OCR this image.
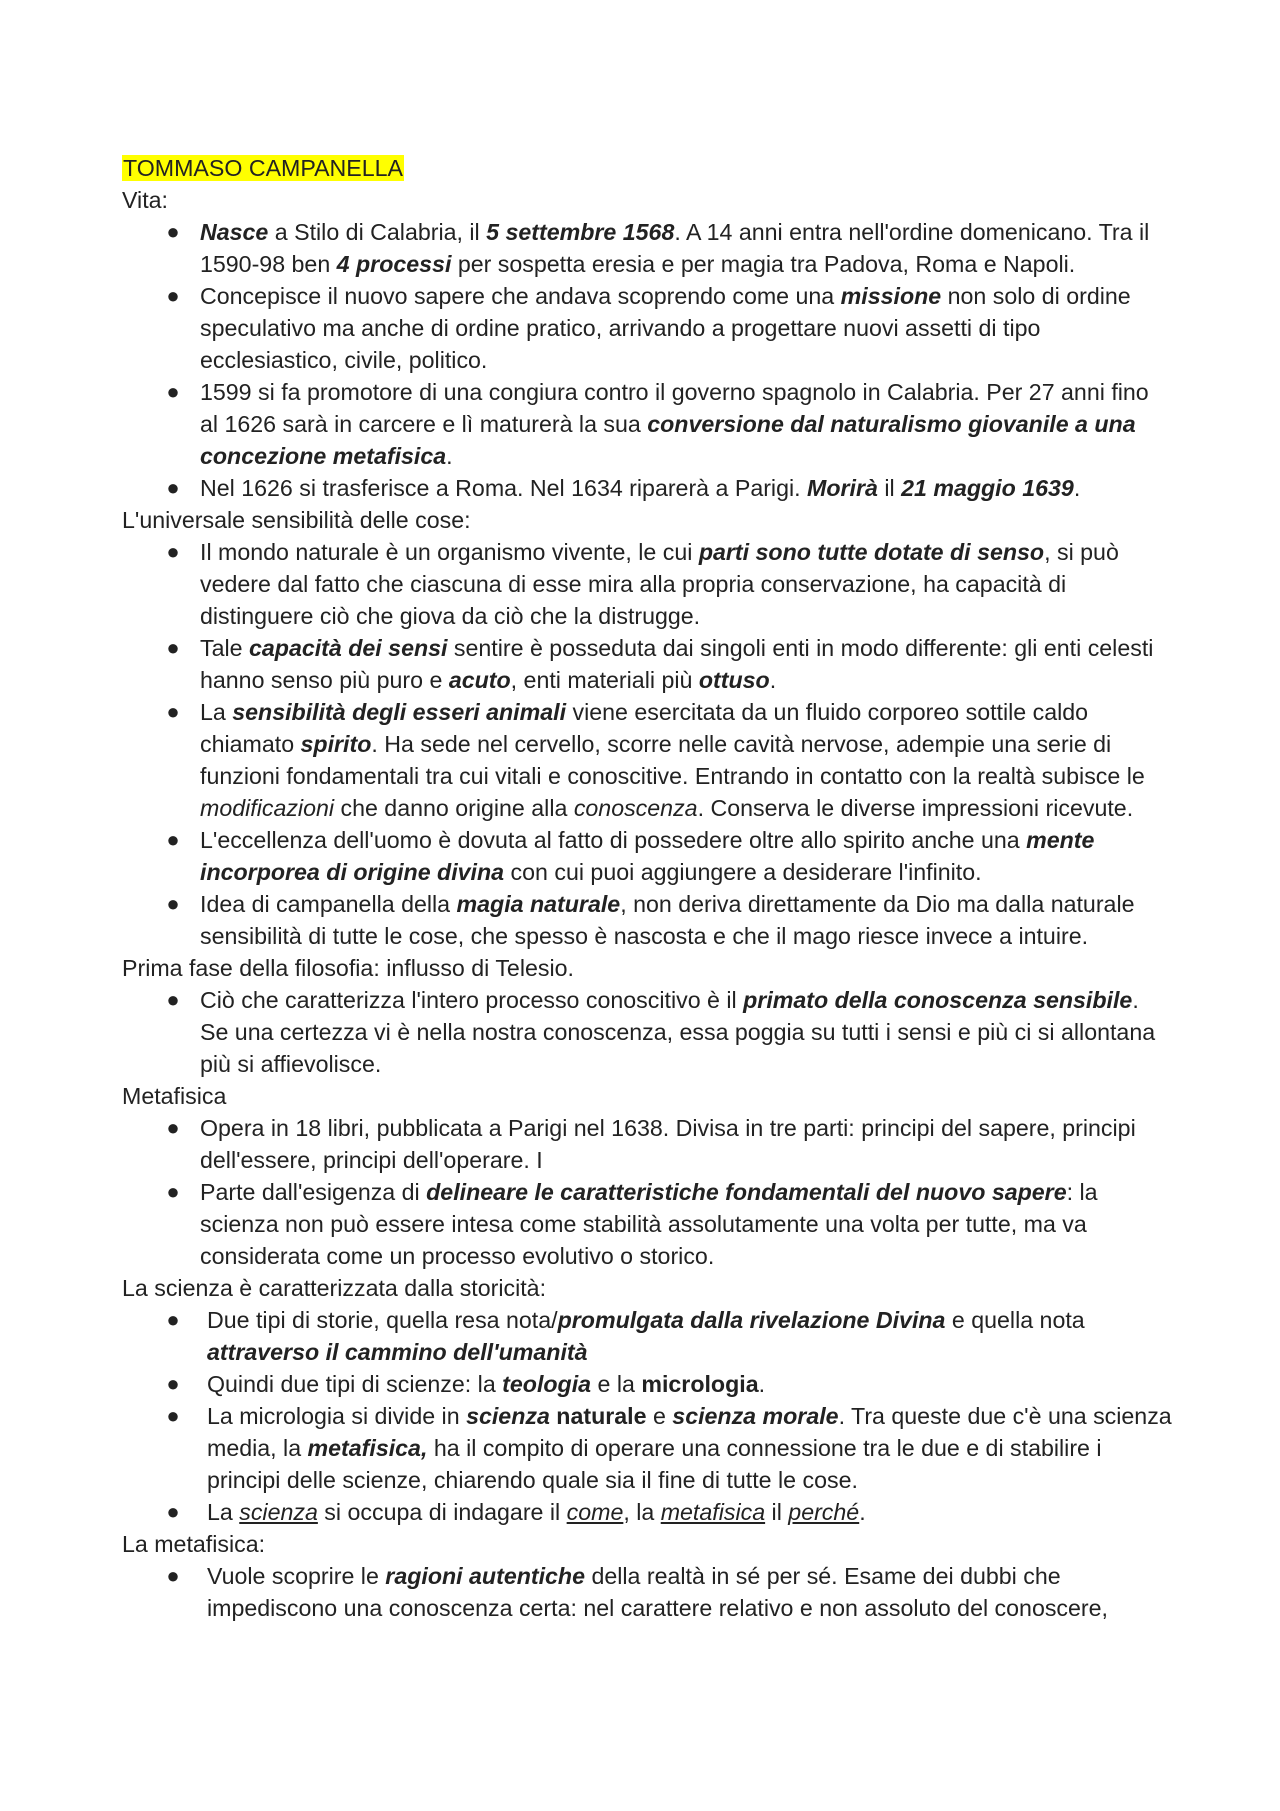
TOMMASO CAMPANELLA
Vita:
● Nasce a Stilo di Calabria, il 5 settembre 1568. A 14 anni entra nell'ordine domenicano. Tra il 1590-98 ben 4 processi per sospetta eresia e per magia tra Padova, Roma e Napoli.
● Concepisce il nuovo sapere che andava scoprendo come una missione non solo di ordine speculativo ma anche di ordine pratico, arrivando a progettare nuovi assetti di tipo ecclesiastico, civile, politico.
● 1599 si fa promotore di una congiura contro il governo spagnolo in Calabria. Per 27 anni fino al 1626 sarà in carcere e lì maturerà la sua conversione dal naturalismo giovanile a una concezione metafisica.
● Nel 1626 si trasferisce a Roma. Nel 1634 riparerà a Parigi. Morirà il 21 maggio 1639.
L'universale sensibilità delle cose:
● Il mondo naturale è un organismo vivente, le cui parti sono tutte dotate di senso, si può vedere dal fatto che ciascuna di esse mira alla propria conservazione, ha capacità di distinguere ciò che giova da ciò che la distrugge.
● Tale capacità dei sensi sentire è posseduta dai singoli enti in modo differente: gli enti celesti hanno senso più puro e acuto, enti materiali più ottuso.
● La sensibilità degli esseri animali viene esercitata da un fluido corporeo sottile caldo chiamato spirito. Ha sede nel cervello, scorre nelle cavità nervose, adempie una serie di funzioni fondamentali tra cui vitali e conoscitive. Entrando in contatto con la realtà subisce le modificazioni che danno origine alla conoscenza. Conserva le diverse impressioni ricevute.
● L'eccellenza dell'uomo è dovuta al fatto di possedere oltre allo spirito anche una mente incorporea di origine divina con cui puoi aggiungere a desiderare l'infinito.
● Idea di campanella della magia naturale, non deriva direttamente da Dio ma dalla naturale sensibilità di tutte le cose, che spesso è nascosta e che il mago riesce invece a intuire.
Prima fase della filosofia: influsso di Telesio.
● Ciò che caratterizza l'intero processo conoscitivo è il primato della conoscenza sensibile. Se una certezza vi è nella nostra conoscenza, essa poggia su tutti i sensi e più ci si allontana più si affievolisce.
Metafisica
● Opera in 18 libri, pubblicata a Parigi nel 1638. Divisa in tre parti: principi del sapere, principi dell'essere, principi dell'operare. I
● Parte dall'esigenza di delineare le caratteristiche fondamentali del nuovo sapere: la scienza non può essere intesa come stabilità assolutamente una volta per tutte, ma va considerata come un processo evolutivo o storico.
La scienza è caratterizzata dalla storicità:
● Due tipi di storie, quella resa nota/promulgata dalla rivelazione Divina e quella nota attraverso il cammino dell'umanità
● Quindi due tipi di scienze: la teologia e la micrologia.
● La micrologia si divide in scienza naturale e scienza morale. Tra queste due c'è una scienza media, la metafisica, ha il compito di operare una connessione tra le due e di stabilire i principi delle scienze, chiarendo quale sia il fine di tutte le cose.
● La scienza si occupa di indagare il come, la metafisica il perché.
La metafisica:
● Vuole scoprire le ragioni autentiche della realtà in sé per sé. Esame dei dubbi che impediscono una conoscenza certa: nel carattere relativo e non assoluto del conoscere,
